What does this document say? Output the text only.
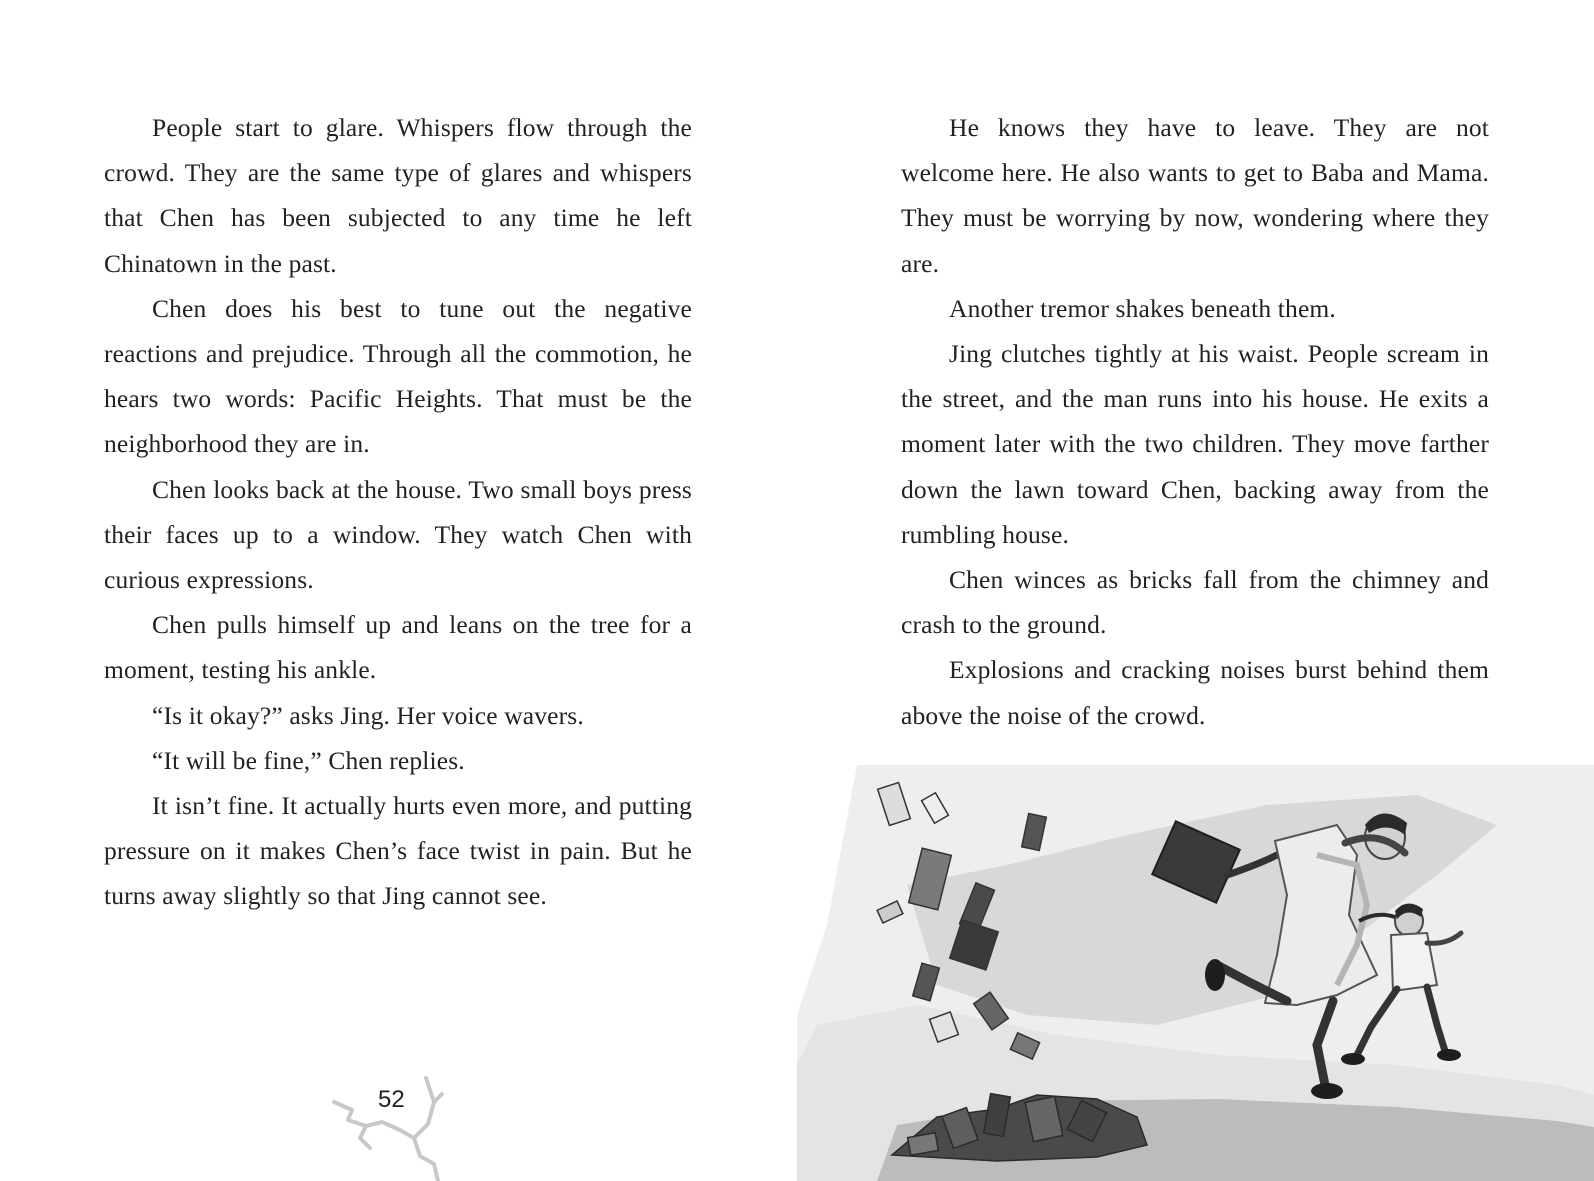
People start to glare. Whispers flow through the crowd. They are the same type of glares and whispers that Chen has been subjected to any time he left Chinatown in the past.

Chen does his best to tune out the negative reactions and prejudice. Through all the commotion, he hears two words: Pacific Heights. That must be the neighborhood they are in.

Chen looks back at the house. Two small boys press their faces up to a window. They watch Chen with curious expressions.

Chen pulls himself up and leans on the tree for a moment, testing his ankle.

“Is it okay?” asks Jing. Her voice wavers.

“It will be fine,” Chen replies.

It isn’t fine. It actually hurts even more, and putting pressure on it makes Chen’s face twist in pain. But he turns away slightly so that Jing cannot see.

52

He knows they have to leave. They are not welcome here. He also wants to get to Baba and Mama. They must be worrying by now, wondering where they are.

Another tremor shakes beneath them.

Jing clutches tightly at his waist. People scream in the street, and the man runs into his house. He exits a moment later with the two children. They move farther down the lawn toward Chen, backing away from the rumbling house.

Chen winces as bricks fall from the chimney and crash to the ground.

Explosions and cracking noises burst behind them above the noise of the crowd.
